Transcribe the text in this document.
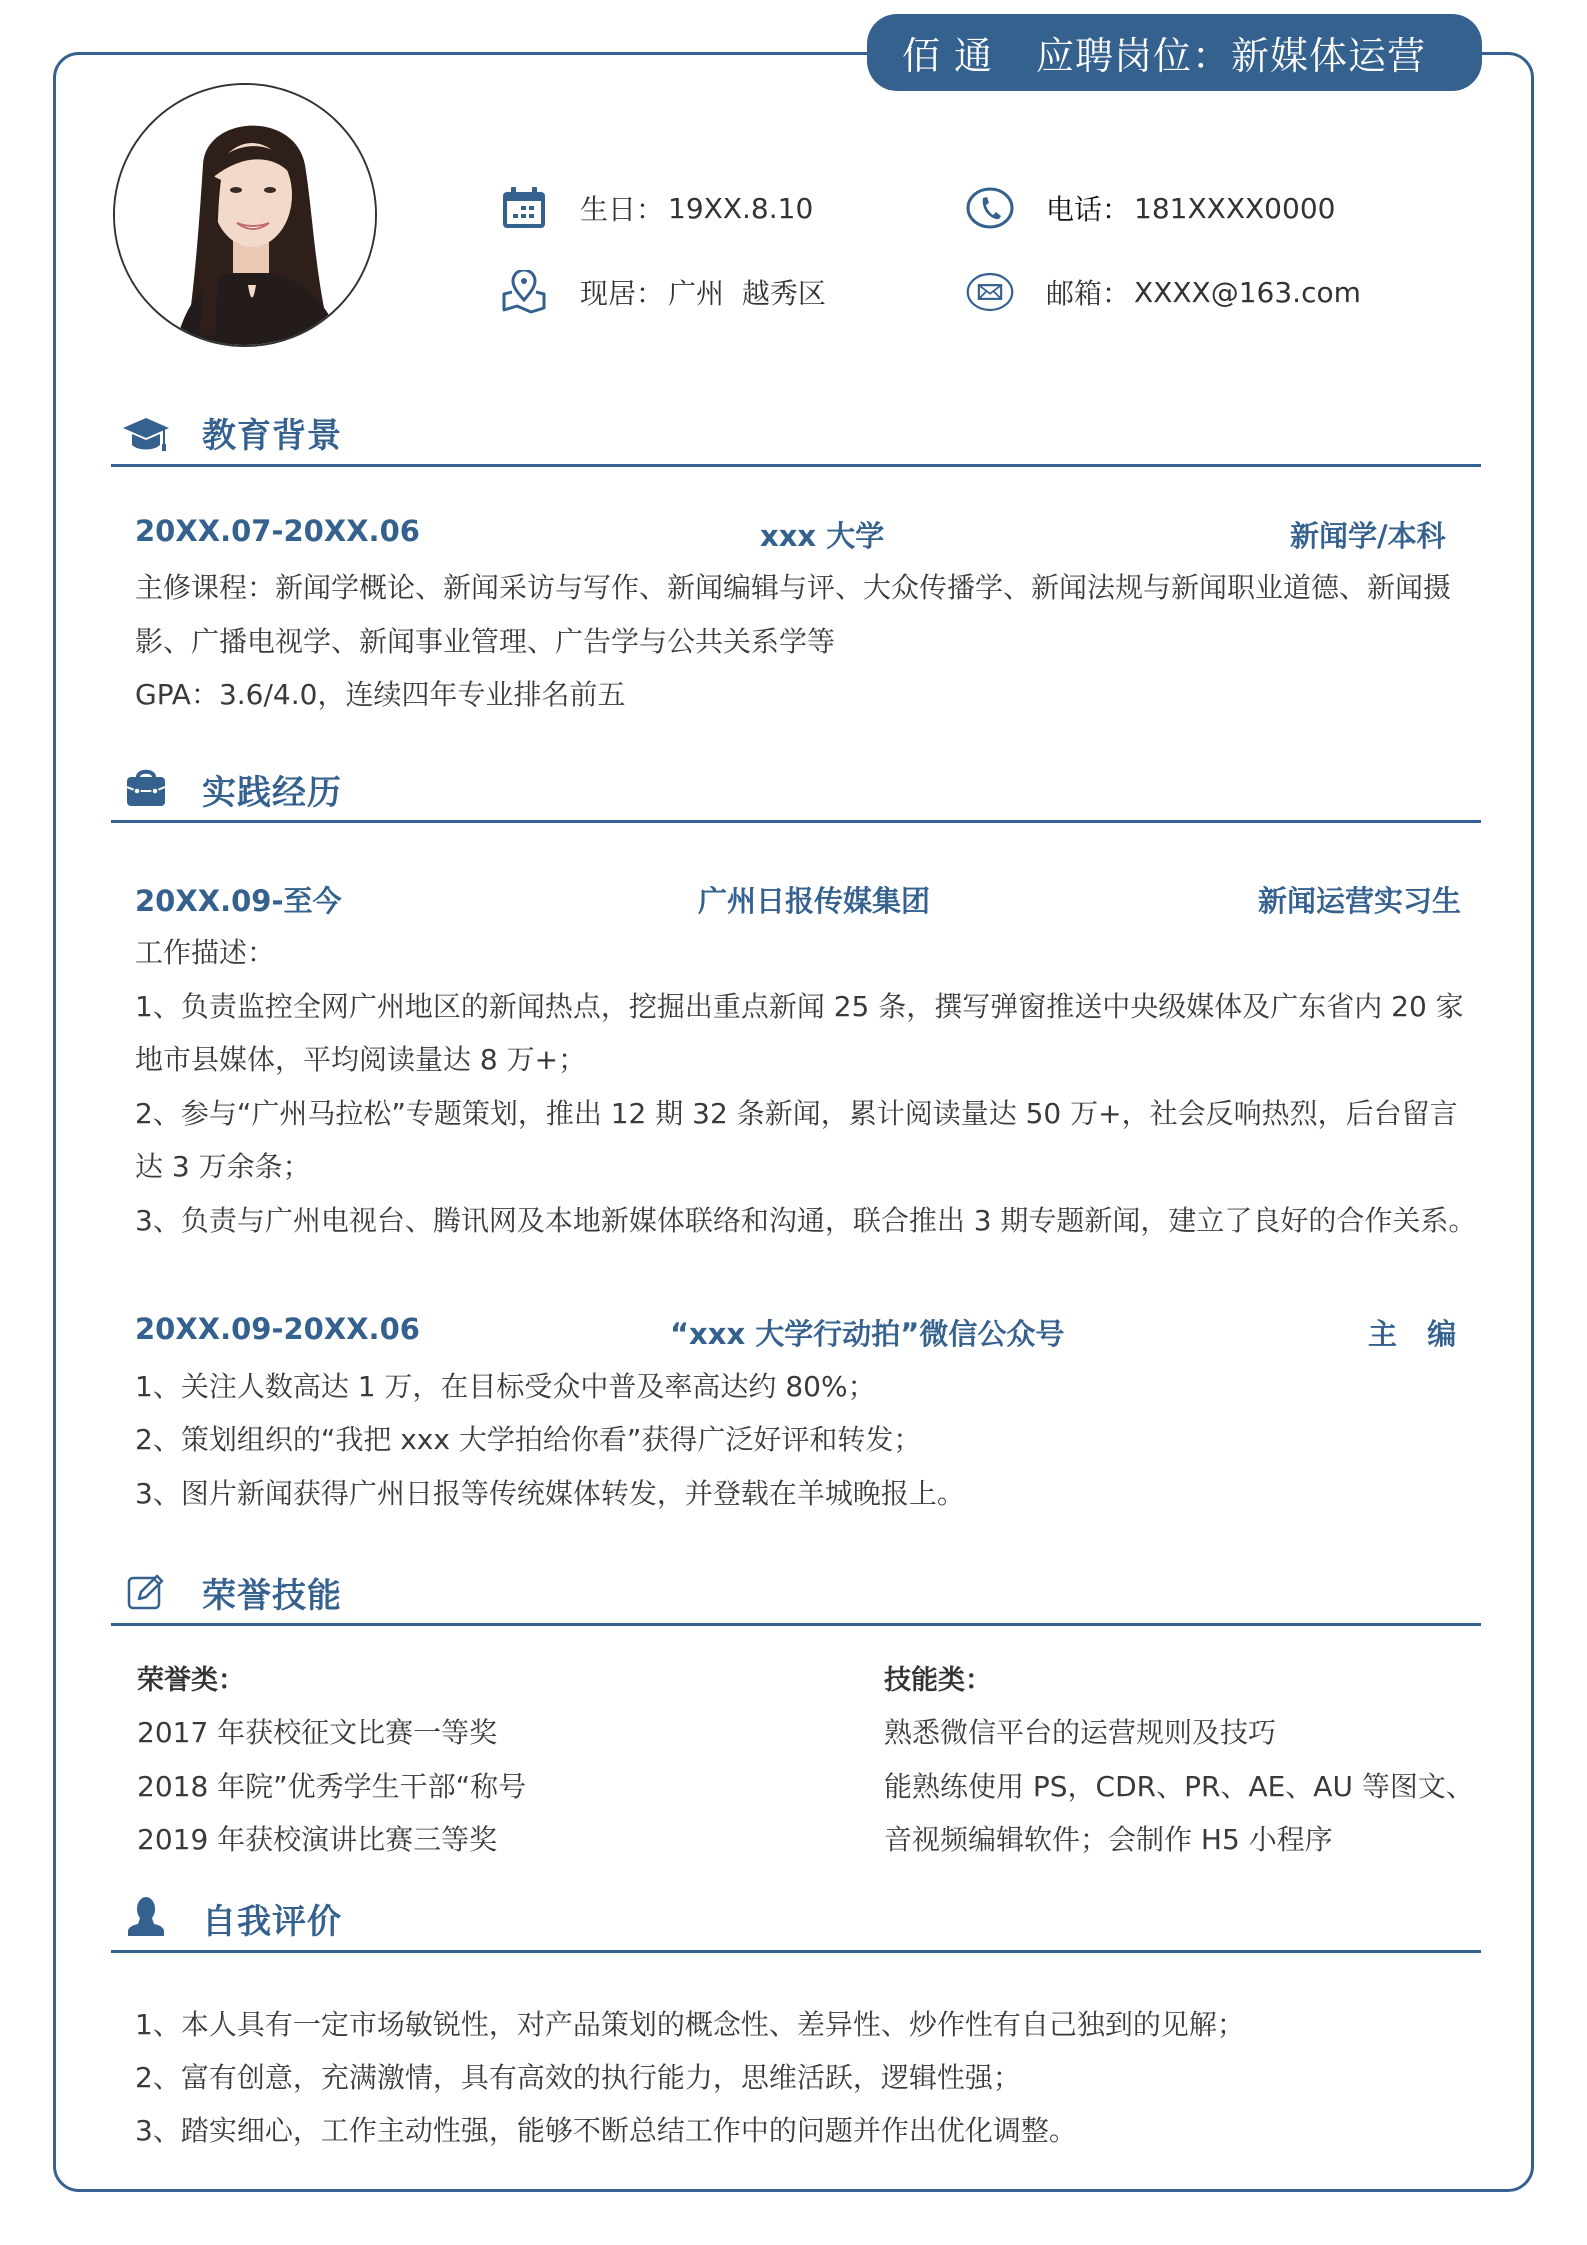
佰通 应聘岗位： 新媒体运营
生日： 19XX.8.10
现居： 广州  越秀区
电话： 181XXXX0000
邮箱： XXXX@163.com
教育背景
20XX.07-20XX.06	xxx 大学	新闻学/本科
主修课程：新闻学概论、新闻采访与写作、新闻编辑与评、大众传播学、新闻法规与新闻职业道德、新闻摄
影、广播电视学、新闻事业管理、广告学与公共关系学等
GPA：3.6/4.0，连续四年专业排名前五
实践经历
20XX.09-至今	广州日报传媒集团	新闻运营实习生
工作描述：
1、负责监控全网广州地区的新闻热点，挖掘出重点新闻 25 条，撰写弹窗推送中央级媒体及广东省内 20 家
地市县媒体，平均阅读量达 8 万+；
2、参与“广州马拉松”专题策划，推出 12 期 32 条新闻，累计阅读量达 50 万+，社会反响热烈，后台留言
达 3 万余条；
3、负责与广州电视台、腾讯网及本地新媒体联络和沟通，联合推出 3 期专题新闻，建立了良好的合作关系。
20XX.09-20XX.06	“xxx 大学行动拍”微信公众号	主   编
1、关注人数高达 1 万，在目标受众中普及率高达约 80%；
2、策划组织的“我把 xxx 大学拍给你看”获得广泛好评和转发；
3、图片新闻获得广州日报等传统媒体转发，并登载在羊城晚报上。
荣誉技能
荣誉类：
2017 年获校征文比赛一等奖
2018 年院”优秀学生干部“称号
2019 年获校演讲比赛三等奖
技能类：
熟悉微信平台的运营规则及技巧
能熟练使用 PS，CDR、PR、AE、AU 等图文、
音视频编辑软件；会制作 H5 小程序
自我评价
1、本人具有一定市场敏锐性，对产品策划的概念性、差异性、炒作性有自己独到的见解；
2、富有创意，充满激情，具有高效的执行能力，思维活跃，逻辑性强；
3、踏实细心，工作主动性强，能够不断总结工作中的问题并作出优化调整。
